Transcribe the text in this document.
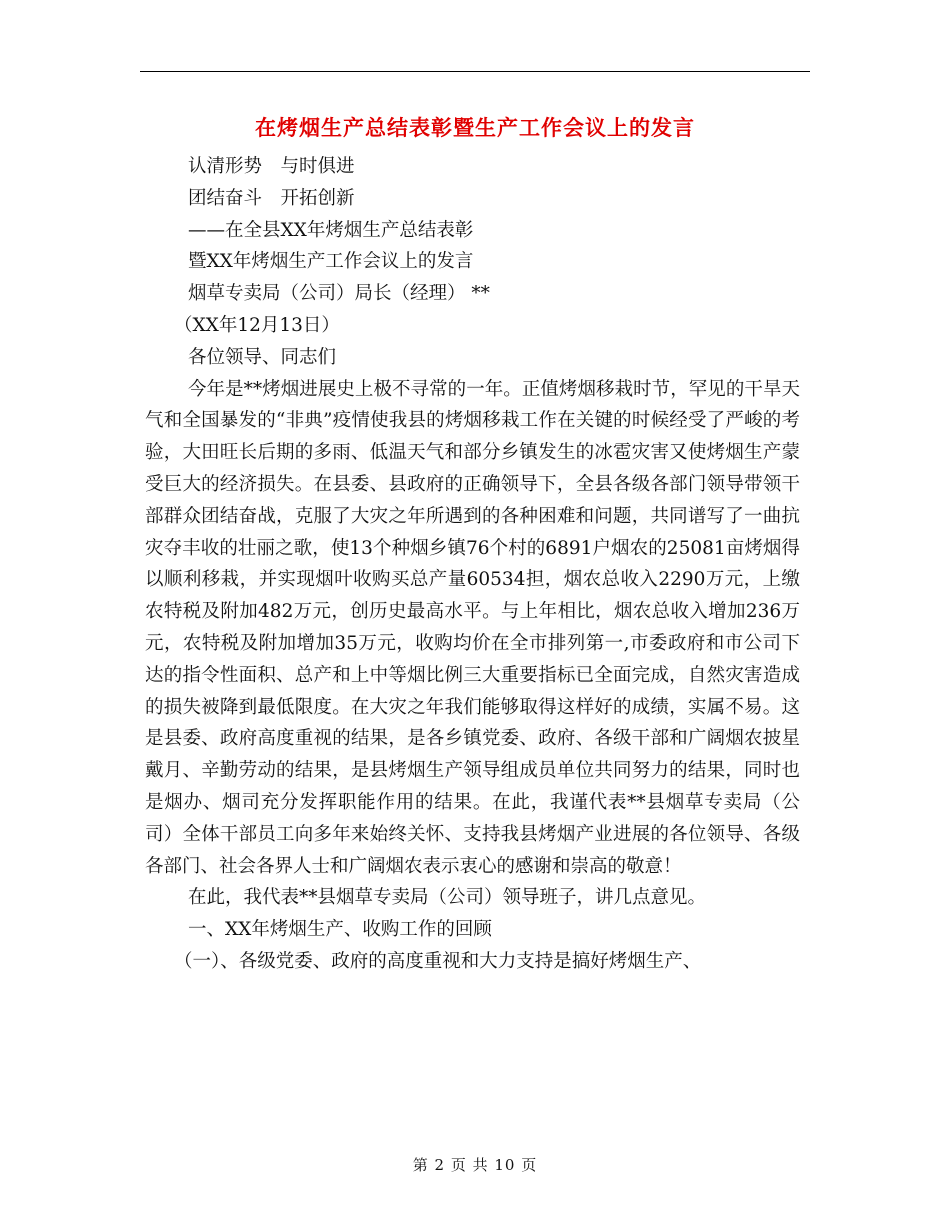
在烤烟生产总结表彰暨生产工作会议上的发言

认清形势　与时俱进

团结奋斗　开拓创新

——在全县XX年烤烟生产总结表彰

暨XX年烤烟生产工作会议上的发言

烟草专卖局（公司）局长（经理） **

（XX年12月13日）

各位领导、同志们

今年是**烤烟进展史上极不寻常的一年。正值烤烟移栽时节，罕见的干旱天气和全国暴发的“非典”疫情使我县的烤烟移栽工作在关键的时候经受了严峻的考验，大田旺长后期的多雨、低温天气和部分乡镇发生的冰雹灾害又使烤烟生产蒙受巨大的经济损失。在县委、县政府的正确领导下，全县各级各部门领导带领干部群众团结奋战，克服了大灾之年所遇到的各种困难和问题，共同谱写了一曲抗灾夺丰收的壮丽之歌，使13个种烟乡镇76个村的6891户烟农的25081亩烤烟得以顺利移栽，并实现烟叶收购买总产量60534担，烟农总收入2290万元，上缴农特税及附加482万元，创历史最高水平。与上年相比，烟农总收入增加236万元，农特税及附加增加35万元，收购均价在全市排列第一,市委政府和市公司下达的指令性面积、总产和上中等烟比例三大重要指标已全面完成，自然灾害造成的损失被降到最低限度。在大灾之年我们能够取得这样好的成绩，实属不易。这是县委、政府高度重视的结果，是各乡镇党委、政府、各级干部和广阔烟农披星戴月、辛勤劳动的结果，是县烤烟生产领导组成员单位共同努力的结果，同时也是烟办、烟司充分发挥职能作用的结果。在此，我谨代表**县烟草专卖局（公司）全体干部员工向多年来始终关怀、支持我县烤烟产业进展的各位领导、各级各部门、社会各界人士和广阔烟农表示衷心的感谢和崇高的敬意！

在此，我代表**县烟草专卖局（公司）领导班子，讲几点意见。

一、XX年烤烟生产、收购工作的回顾

（一）、各级党委、政府的高度重视和大力支持是搞好烤烟生产、

第 2 页 共 10 页
